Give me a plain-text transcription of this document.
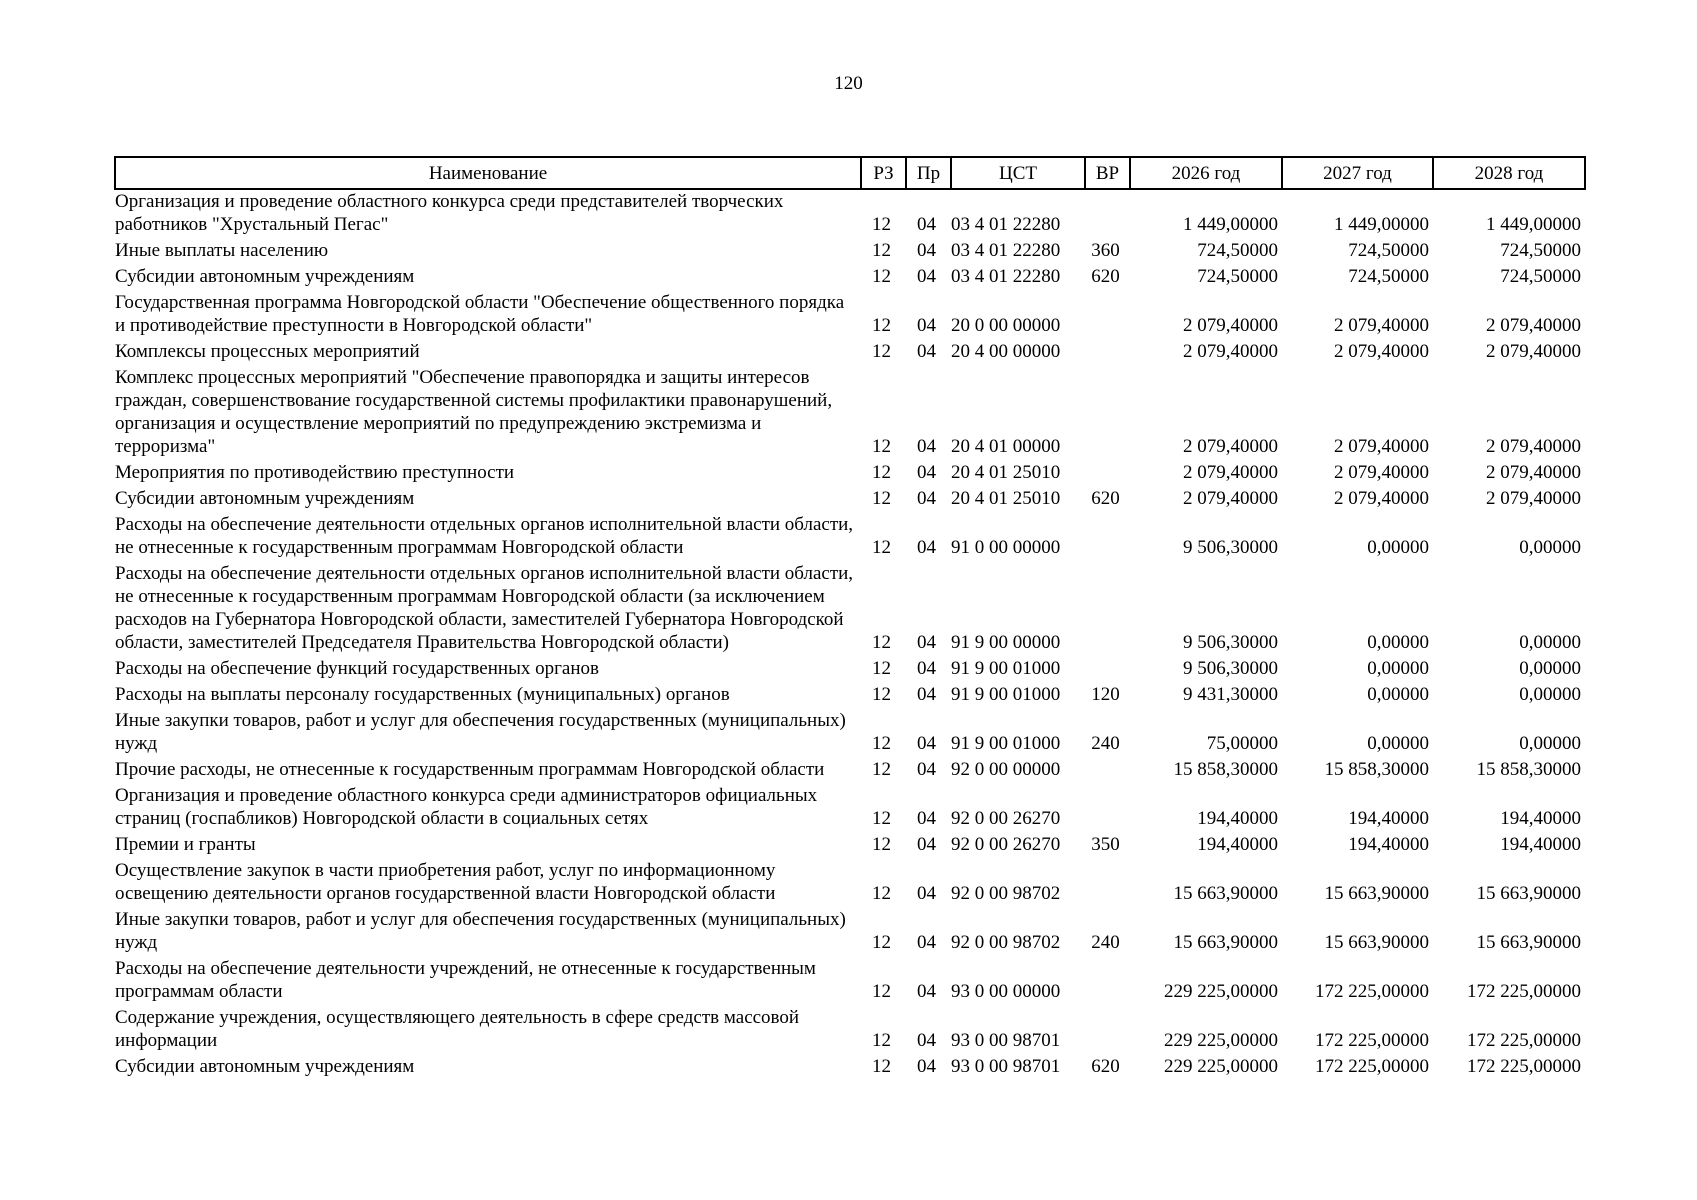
120
Наименование	РЗ	Пр	ЦСТ	ВР	2026 год	2027 год	2028 год
Организация и проведение областного конкурса среди представителей творческих работников "Хрустальный Пегас"	12	04	03 4 01 22280		1 449,00000	1 449,00000	1 449,00000
Иные выплаты населению	12	04	03 4 01 22280	360	724,50000	724,50000	724,50000
Субсидии автономным учреждениям	12	04	03 4 01 22280	620	724,50000	724,50000	724,50000
Государственная программа Новгородской области "Обеспечение общественного порядка и противодействие преступности в Новгородской области"	12	04	20 0 00 00000		2 079,40000	2 079,40000	2 079,40000
Комплексы процессных мероприятий	12	04	20 4 00 00000		2 079,40000	2 079,40000	2 079,40000
Комплекс процессных мероприятий "Обеспечение правопорядка и защиты интересов граждан, совершенствование государственной системы профилактики правонарушений, организация и осуществление мероприятий по предупреждению экстремизма и терроризма"	12	04	20 4 01 00000		2 079,40000	2 079,40000	2 079,40000
Мероприятия по противодействию преступности	12	04	20 4 01 25010		2 079,40000	2 079,40000	2 079,40000
Субсидии автономным учреждениям	12	04	20 4 01 25010	620	2 079,40000	2 079,40000	2 079,40000
Расходы на обеспечение деятельности отдельных органов исполнительной власти области, не отнесенные к государственным программам Новгородской области	12	04	91 0 00 00000		9 506,30000	0,00000	0,00000
Расходы на обеспечение деятельности отдельных органов исполнительной власти области, не отнесенные к государственным программам Новгородской области (за исключением расходов на Губернатора Новгородской области, заместителей Губернатора Новгородской области, заместителей Председателя Правительства Новгородской области)	12	04	91 9 00 00000		9 506,30000	0,00000	0,00000
Расходы на обеспечение функций государственных органов	12	04	91 9 00 01000		9 506,30000	0,00000	0,00000
Расходы на выплаты персоналу государственных (муниципальных) органов	12	04	91 9 00 01000	120	9 431,30000	0,00000	0,00000
Иные закупки товаров, работ и услуг для обеспечения государственных (муниципальных) нужд	12	04	91 9 00 01000	240	75,00000	0,00000	0,00000
Прочие расходы, не отнесенные к государственным программам Новгородской области	12	04	92 0 00 00000		15 858,30000	15 858,30000	15 858,30000
Организация и проведение областного конкурса среди администраторов официальных страниц (госпабликов) Новгородской области в социальных сетях	12	04	92 0 00 26270		194,40000	194,40000	194,40000
Премии и гранты	12	04	92 0 00 26270	350	194,40000	194,40000	194,40000
Осуществление закупок в части приобретения работ, услуг по информационному освещению деятельности органов государственной власти Новгородской области	12	04	92 0 00 98702		15 663,90000	15 663,90000	15 663,90000
Иные закупки товаров, работ и услуг для обеспечения государственных (муниципальных) нужд	12	04	92 0 00 98702	240	15 663,90000	15 663,90000	15 663,90000
Расходы на обеспечение деятельности учреждений, не отнесенные к государственным программам области	12	04	93 0 00 00000		229 225,00000	172 225,00000	172 225,00000
Содержание учреждения, осуществляющего деятельность в сфере средств массовой информации	12	04	93 0 00 98701		229 225,00000	172 225,00000	172 225,00000
Субсидии автономным учреждениям	12	04	93 0 00 98701	620	229 225,00000	172 225,00000	172 225,00000
